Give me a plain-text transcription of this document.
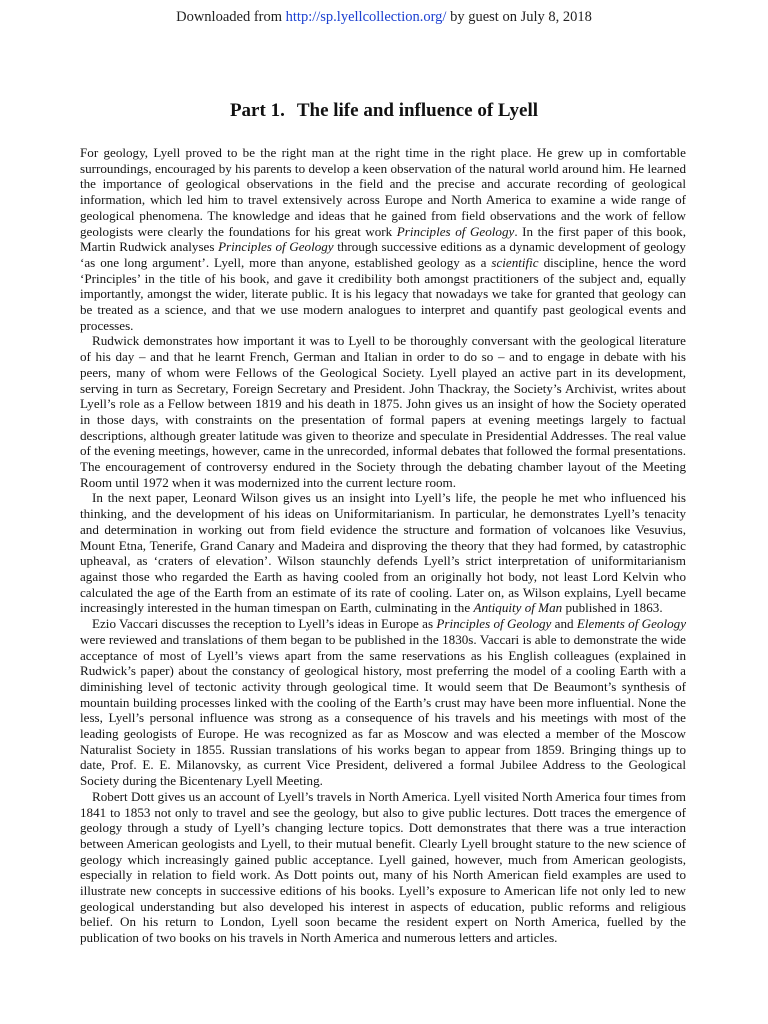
Downloaded from http://sp.lyellcollection.org/ by guest on July 8, 2018
Part 1. The life and influence of Lyell

For geology, Lyell proved to be the right man at the right time in the right place. He grew up in comfortable surroundings, encouraged by his parents to develop a keen observation of the natural world around him. He learned the importance of geological observations in the field and the precise and accurate recording of geological information, which led him to travel extensively across Europe and North America to examine a wide range of geological phenomena. The knowledge and ideas that he gained from field observations and the work of fellow geologists were clearly the foundations for his great work Principles of Geology. In the first paper of this book, Martin Rudwick analyses Principles of Geology through successive editions as a dynamic development of geology ‘as one long argument’. Lyell, more than anyone, established geology as a scientific discipline, hence the word ‘Principles’ in the title of his book, and gave it credibility both amongst practitioners of the subject and, equally importantly, amongst the wider, literate public. It is his legacy that nowadays we take for granted that geology can be treated as a science, and that we use modern analogues to interpret and quantify past geological events and processes.

Rudwick demonstrates how important it was to Lyell to be thoroughly conversant with the geological literature of his day – and that he learnt French, German and Italian in order to do so – and to engage in debate with his peers, many of whom were Fellows of the Geological Society. Lyell played an active part in its development, serving in turn as Secretary, Foreign Secretary and President. John Thackray, the Society’s Archivist, writes about Lyell’s role as a Fellow between 1819 and his death in 1875. John gives us an insight of how the Society operated in those days, with constraints on the presentation of formal papers at evening meetings largely to factual descriptions, although greater latitude was given to theorize and speculate in Presidential Addresses. The real value of the evening meetings, however, came in the unrecorded, informal debates that followed the formal presentations. The encouragement of controversy endured in the Society through the debating chamber layout of the Meeting Room until 1972 when it was modernized into the current lecture room.

In the next paper, Leonard Wilson gives us an insight into Lyell’s life, the people he met who influenced his thinking, and the development of his ideas on Uniformitarianism. In particular, he demonstrates Lyell’s tenacity and determination in working out from field evidence the structure and formation of volcanoes like Vesuvius, Mount Etna, Tenerife, Grand Canary and Madeira and disproving the theory that they had formed, by catastrophic upheaval, as ‘craters of elevation’. Wilson staunchly defends Lyell’s strict interpretation of uniformitarianism against those who regarded the Earth as having cooled from an originally hot body, not least Lord Kelvin who calculated the age of the Earth from an estimate of its rate of cooling. Later on, as Wilson explains, Lyell became increasingly interested in the human timespan on Earth, culminating in the Antiquity of Man published in 1863.

Ezio Vaccari discusses the reception to Lyell’s ideas in Europe as Principles of Geology and Elements of Geology were reviewed and translations of them began to be published in the 1830s. Vaccari is able to demonstrate the wide acceptance of most of Lyell’s views apart from the same reservations as his English colleagues (explained in Rudwick’s paper) about the constancy of geological history, most preferring the model of a cooling Earth with a diminishing level of tectonic activity through geological time. It would seem that De Beaumont’s synthesis of mountain building processes linked with the cooling of the Earth’s crust may have been more influential. None the less, Lyell’s personal influence was strong as a consequence of his travels and his meetings with most of the leading geologists of Europe. He was recognized as far as Moscow and was elected a member of the Moscow Naturalist Society in 1855. Russian translations of his works began to appear from 1859. Bringing things up to date, Prof. E. E. Milanovsky, as current Vice President, delivered a formal Jubilee Address to the Geological Society during the Bicentenary Lyell Meeting.

Robert Dott gives us an account of Lyell’s travels in North America. Lyell visited North America four times from 1841 to 1853 not only to travel and see the geology, but also to give public lectures. Dott traces the emergence of geology through a study of Lyell’s changing lecture topics. Dott demonstrates that there was a true interaction between American geologists and Lyell, to their mutual benefit. Clearly Lyell brought stature to the new science of geology which increasingly gained public acceptance. Lyell gained, however, much from American geologists, especially in relation to field work. As Dott points out, many of his North American field examples are used to illustrate new concepts in successive editions of his books. Lyell’s exposure to American life not only led to new geological understanding but also developed his interest in aspects of education, public reforms and religious belief. On his return to London, Lyell soon became the resident expert on North America, fuelled by the publication of two books on his travels in North America and numerous letters and articles.
